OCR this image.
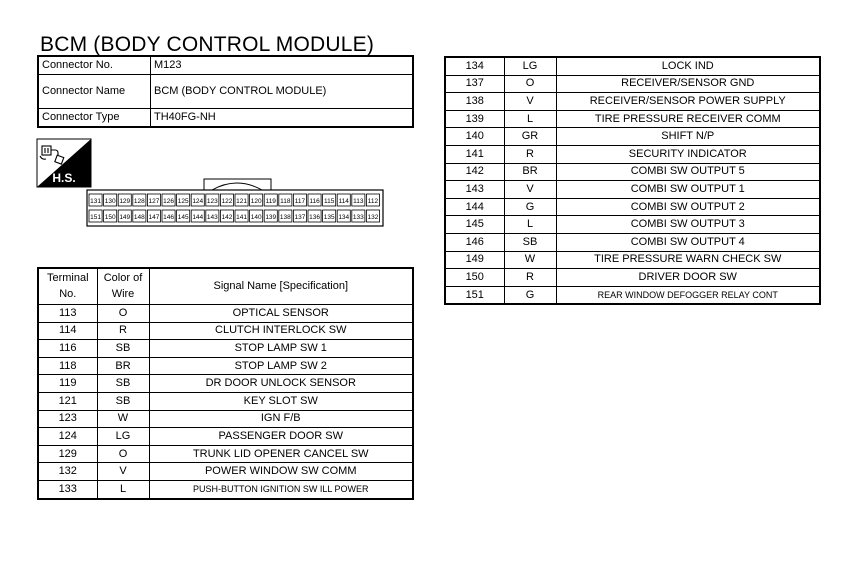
BCM (BODY CONTROL MODULE)
Connector No.	M123
Connector Name	BCM (BODY CONTROL MODULE)
Connector Type	TH40FG-NH
H.S.
131 130 129 128 127 126 125 124 123 122 121 120 119 118 117 116 115 114 113 112
151 150 149 148 147 146 145 144 143 142 141 140 139 138 137 136 135 134 133 132
Terminal No.	Color of Wire	Signal Name [Specification]
113	O	OPTICAL SENSOR
114	R	CLUTCH INTERLOCK SW
116	SB	STOP LAMP SW 1
118	BR	STOP LAMP SW 2
119	SB	DR DOOR UNLOCK SENSOR
121	SB	KEY SLOT SW
123	W	IGN F/B
124	LG	PASSENGER DOOR SW
129	O	TRUNK LID OPENER CANCEL SW
132	V	POWER WINDOW SW COMM
133	L	PUSH-BUTTON IGNITION SW ILL POWER
134	LG	LOCK IND
137	O	RECEIVER/SENSOR GND
138	V	RECEIVER/SENSOR POWER SUPPLY
139	L	TIRE PRESSURE RECEIVER COMM
140	GR	SHIFT N/P
141	R	SECURITY INDICATOR
142	BR	COMBI SW OUTPUT 5
143	V	COMBI SW OUTPUT 1
144	G	COMBI SW OUTPUT 2
145	L	COMBI SW OUTPUT 3
146	SB	COMBI SW OUTPUT 4
149	W	TIRE PRESSURE WARN CHECK SW
150	R	DRIVER DOOR SW
151	G	REAR WINDOW DEFOGGER RELAY CONT
